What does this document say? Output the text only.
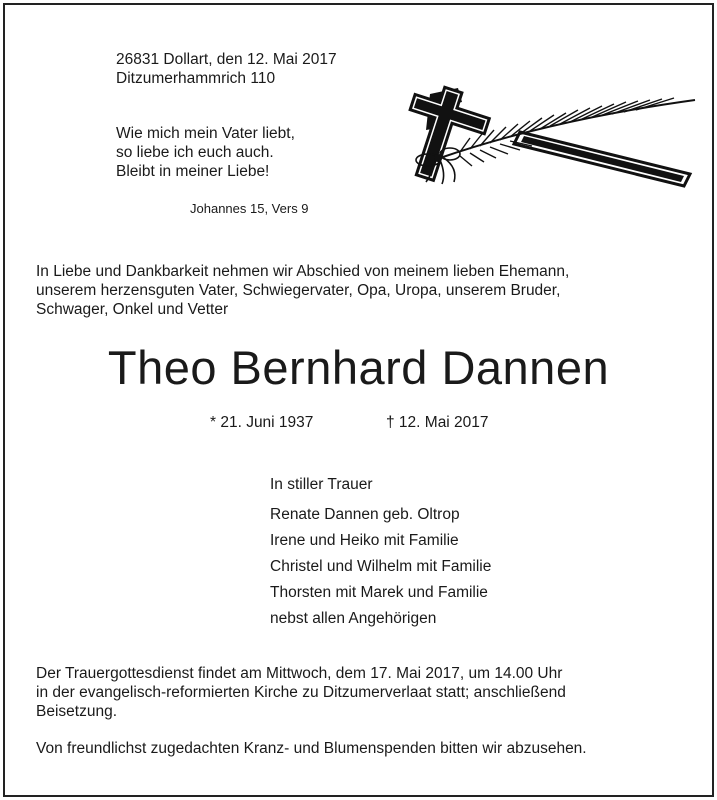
26831 Dollart, den 12. Mai 2017
Ditzumerhammrich 110
Wie mich mein Vater liebt,
so liebe ich euch auch.
Bleibt in meiner Liebe!
Johannes 15, Vers 9
In Liebe und Dankbarkeit nehmen wir Abschied von meinem lieben Ehemann,
unserem herzensguten Vater, Schwiegervater, Opa, Uropa, unserem Bruder,
Schwager, Onkel und Vetter
Theo Bernhard Dannen
* 21. Juni 1937	† 12. Mai 2017
In stiller Trauer
Renate Dannen geb. Oltrop
Irene und Heiko mit Familie
Christel und Wilhelm mit Familie
Thorsten mit Marek und Familie
nebst allen Angehörigen
Der Trauergottesdienst findet am Mittwoch, dem 17. Mai 2017, um 14.00 Uhr
in der evangelisch-reformierten Kirche zu Ditzumerverlaat statt; anschließend
Beisetzung.
Von freundlichst zugedachten Kranz- und Blumenspenden bitten wir abzusehen.
